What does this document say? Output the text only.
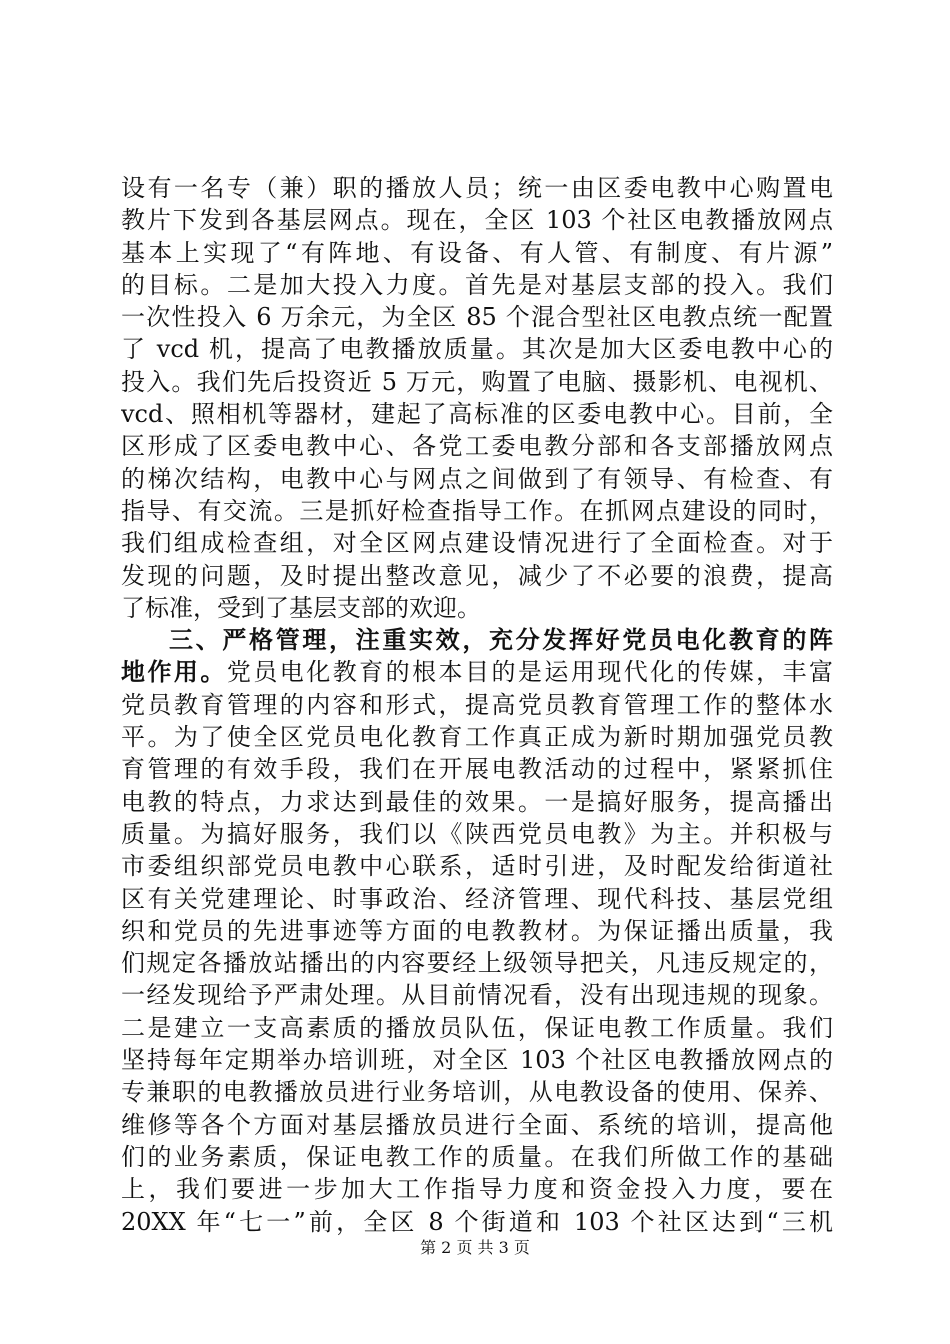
设有一名专（兼）职的播放人员；统一由区委电教中心购置电
教片下发到各基层网点。现在，全区 103 个社区电教播放网点
基本上实现了“有阵地、有设备、有人管、有制度、有片源”
的目标。二是加大投入力度。首先是对基层支部的投入。我们
一次性投入 6 万余元，为全区 85 个混合型社区电教点统一配置
了 vcd 机，提高了电教播放质量。其次是加大区委电教中心的
投入。我们先后投资近 5 万元，购置了电脑、摄影机、电视机、
vcd、照相机等器材，建起了高标准的区委电教中心。目前，全
区形成了区委电教中心、各党工委电教分部和各支部播放网点
的梯次结构，电教中心与网点之间做到了有领导、有检查、有
指导、有交流。三是抓好检查指导工作。在抓网点建设的同时，
我们组成检查组，对全区网点建设情况进行了全面检查。对于
发现的问题，及时提出整改意见，减少了不必要的浪费，提高
了标准，受到了基层支部的欢迎。
三、严格管理，注重实效，充分发挥好党员电化教育的阵
地作用。党员电化教育的根本目的是运用现代化的传媒，丰富
党员教育管理的内容和形式，提高党员教育管理工作的整体水
平。为了使全区党员电化教育工作真正成为新时期加强党员教
育管理的有效手段，我们在开展电教活动的过程中，紧紧抓住
电教的特点，力求达到最佳的效果。一是搞好服务，提高播出
质量。为搞好服务，我们以《陕西党员电教》为主。并积极与
市委组织部党员电教中心联系，适时引进，及时配发给街道社
区有关党建理论、时事政治、经济管理、现代科技、基层党组
织和党员的先进事迹等方面的电教教材。为保证播出质量，我
们规定各播放站播出的内容要经上级领导把关，凡违反规定的，
一经发现给予严肃处理。从目前情况看，没有出现违规的现象。
二是建立一支高素质的播放员队伍，保证电教工作质量。我们
坚持每年定期举办培训班，对全区 103 个社区电教播放网点的
专兼职的电教播放员进行业务培训，从电教设备的使用、保养、
维修等各个方面对基层播放员进行全面、系统的培训，提高他
们的业务素质，保证电教工作的质量。在我们所做工作的基础
上，我们要进一步加大工作指导力度和资金投入力度，要在
20XX 年“七一”前，全区 8 个街道和 103 个社区达到“三机
第 2 页 共 3 页
